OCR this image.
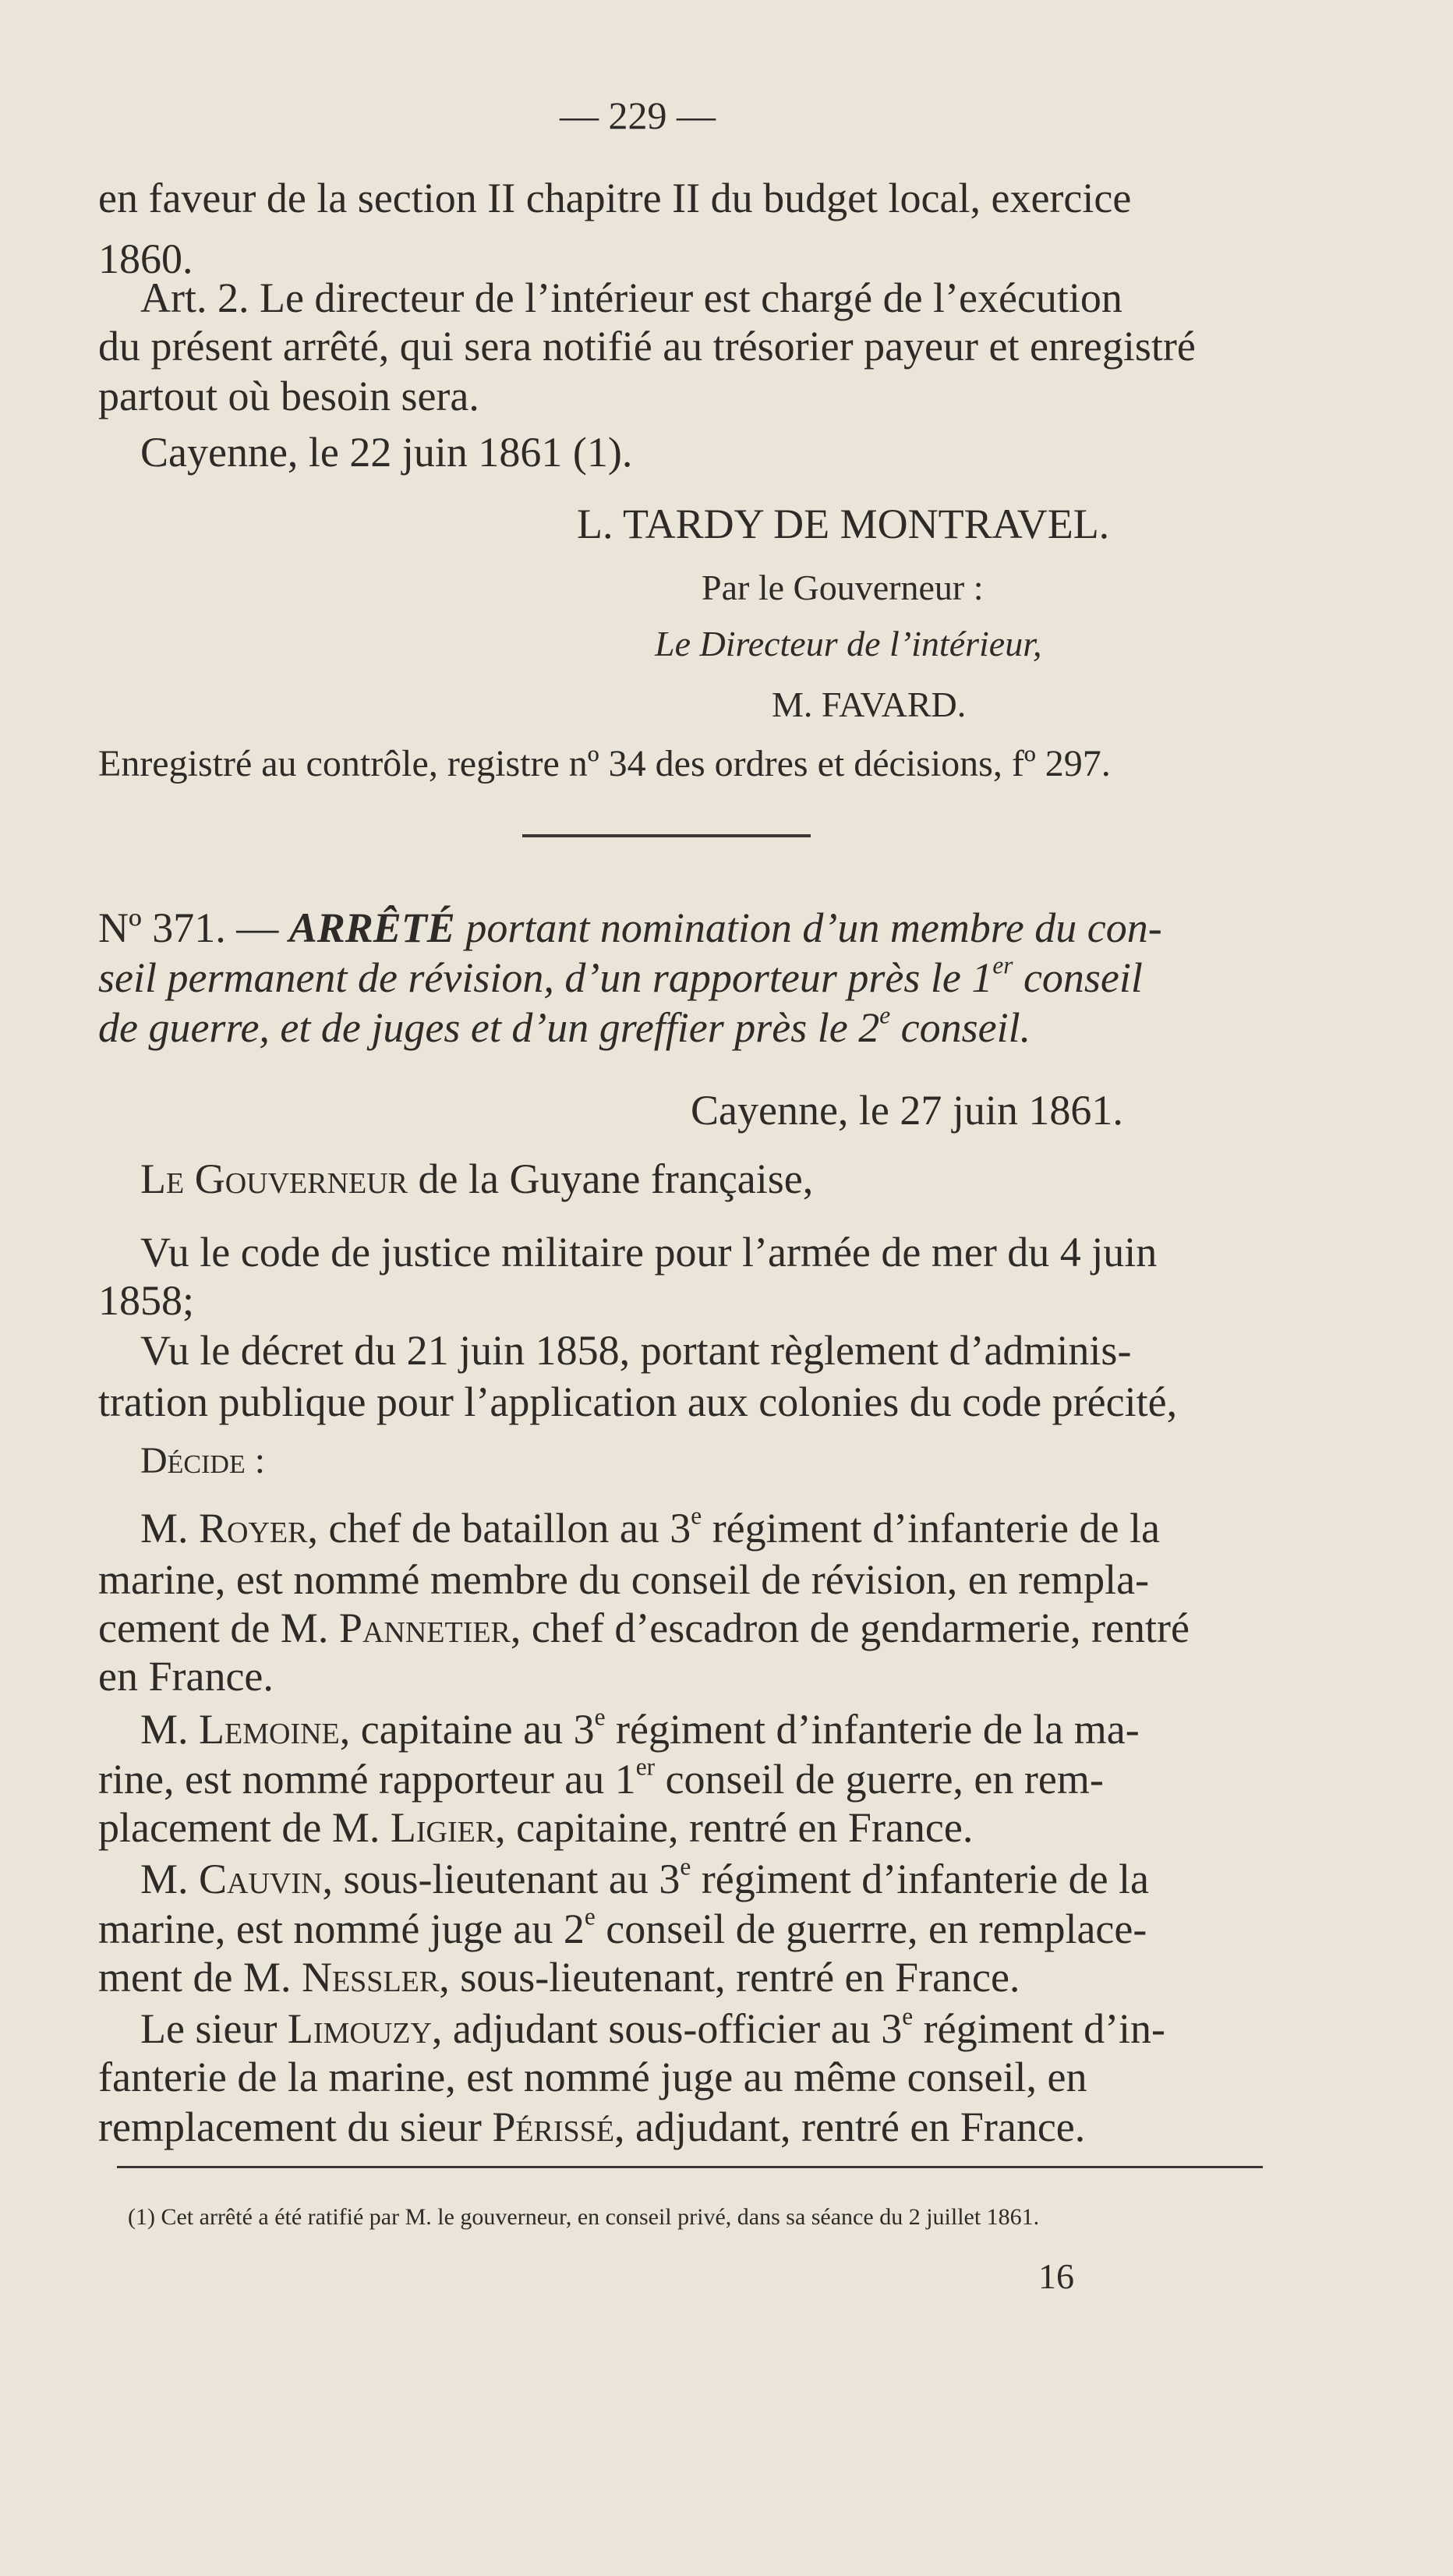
— 229 —
en faveur de la section II chapitre II du budget local, exercice
1860.
Art. 2. Le directeur de l’intérieur est chargé de l’exécution
du présent arrêté, qui sera notifié au trésorier payeur et enregistré
partout où besoin sera.
Cayenne, le 22 juin 1861 (1).
L. TARDY DE MONTRAVEL.
Par le Gouverneur :
Le Directeur de l’intérieur,
M. FAVARD.
Enregistré au contrôle, registre nº 34 des ordres et décisions, fº 297.
Nº 371. — ARRÊTÉ portant nomination d’un membre du con-
seil permanent de révision, d’un rapporteur près le 1er conseil
de guerre, et de juges et d’un greffier près le 2e conseil.
Cayenne, le 27 juin 1861.
Le Gouverneur de la Guyane française,
Vu le code de justice militaire pour l’armée de mer du 4 juin
1858;
Vu le décret du 21 juin 1858, portant règlement d’adminis-
tration publique pour l’application aux colonies du code précité,
Décide :
M. Royer, chef de bataillon au 3e régiment d’infanterie de la
marine, est nommé membre du conseil de révision, en rempla-
cement de M. Pannetier, chef d’escadron de gendarmerie, rentré
en France.
M. Lemoine, capitaine au 3e régiment d’infanterie de la ma-
rine, est nommé rapporteur au 1er conseil de guerre, en rem-
placement de M. Ligier, capitaine, rentré en France.
M. Cauvin, sous-lieutenant au 3e régiment d’infanterie de la
marine, est nommé juge au 2e conseil de guerrre, en remplace-
ment de M. Nessler, sous-lieutenant, rentré en France.
Le sieur Limouzy, adjudant sous-officier au 3e régiment d’in-
fanterie de la marine, est nommé juge au même conseil, en
remplacement du sieur Périssé, adjudant, rentré en France.
(1) Cet arrêté a été ratifié par M. le gouverneur, en conseil privé, dans sa séance du 2 juillet 1861.
16
